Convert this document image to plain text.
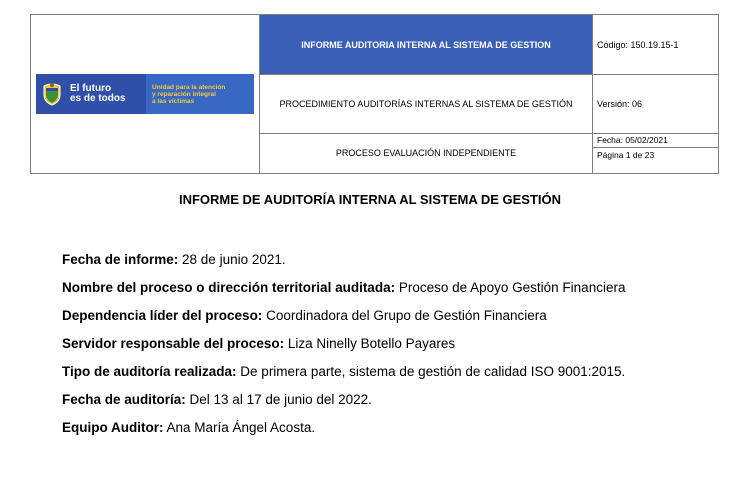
El futuro
es de todos
Unidad para la atención
y reparación integral
a las víctimas	INFORME AUDITORIA INTERNA AL SISTEMA DE GESTION	Código: 150.19.15-1
	PROCEDIMIENTO AUDITORÍAS INTERNAS AL SISTEMA DE GESTIÓN	Versión: 06
	PROCESO EVALUACIÓN INDEPENDIENTE	Fecha: 05/02/2021
		Página 1 de 23
INFORME DE AUDITORÍA INTERNA AL SISTEMA DE GESTIÓN

Fecha de informe: 28 de junio 2021.

Nombre del proceso o dirección territorial auditada: Proceso de Apoyo Gestión Financiera

Dependencia líder del proceso: Coordinadora del Grupo de Gestión Financiera

Servidor responsable del proceso: Liza Ninelly Botello Payares

Tipo de auditoría realizada: De primera parte, sistema de gestión de calidad ISO 9001:2015.

Fecha de auditoría: Del 13 al 17 de junio del 2022.

Equipo Auditor: Ana María Ángel Acosta.
